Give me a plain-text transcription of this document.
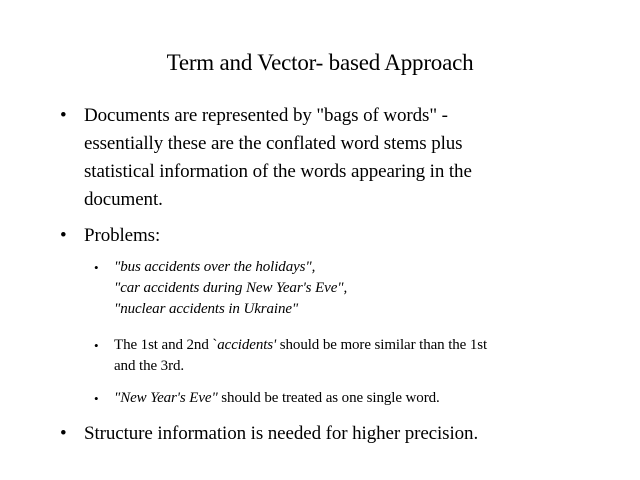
Term and Vector- based Approach
• Documents are represented by "bags of words" -
essentially these are the conflated word stems plus
statistical information of the words appearing in the
document.
• Problems:
• "bus accidents over the holidays",
"car accidents during New Year's Eve",
"nuclear accidents in Ukraine"
• The 1st and 2nd `accidents' should be more similar than the 1st
and the 3rd.
• "New Year's Eve" should be treated as one single word.
• Structure information is needed for higher precision.
